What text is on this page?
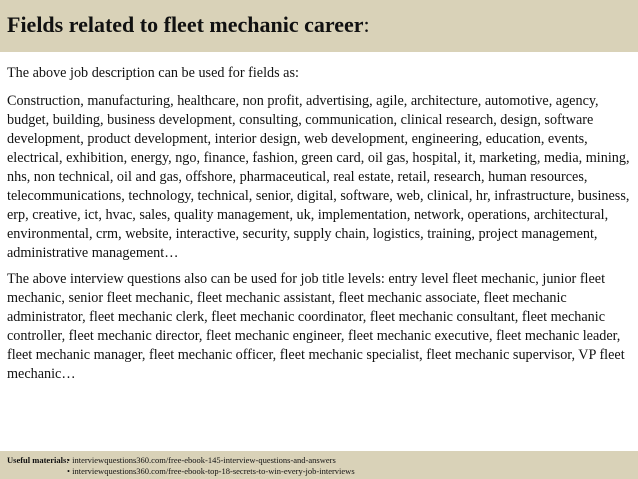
Fields related to fleet mechanic career:

The above job description can be used for fields as:

Construction, manufacturing, healthcare, non profit, advertising, agile, architecture, automotive, agency, budget, building, business development, consulting, communication, clinical research, design, software development, product development, interior design, web development, engineering, education, events, electrical, exhibition, energy, ngo, finance, fashion, green card, oil gas, hospital, it, marketing, media, mining, nhs, non technical, oil and gas, offshore, pharmaceutical, real estate, retail, research, human resources, telecommunications, technology, technical, senior, digital, software, web, clinical, hr, infrastructure, business, erp, creative, ict, hvac, sales, quality management, uk, implementation, network, operations, architectural, environmental, crm, website, interactive, security, supply chain, logistics, training, project management, administrative management…

The above interview questions also can be used for job title levels: entry level fleet mechanic, junior fleet mechanic, senior fleet mechanic, fleet mechanic assistant, fleet mechanic associate, fleet mechanic administrator, fleet mechanic clerk, fleet mechanic coordinator, fleet mechanic consultant, fleet mechanic controller, fleet mechanic director, fleet mechanic engineer, fleet mechanic executive, fleet mechanic leader, fleet mechanic manager, fleet mechanic officer, fleet mechanic specialist, fleet mechanic supervisor, VP fleet mechanic…

Useful materials:
• interviewquestions360.com/free-ebook-145-interview-questions-and-answers
• interviewquestions360.com/free-ebook-top-18-secrets-to-win-every-job-interviews
